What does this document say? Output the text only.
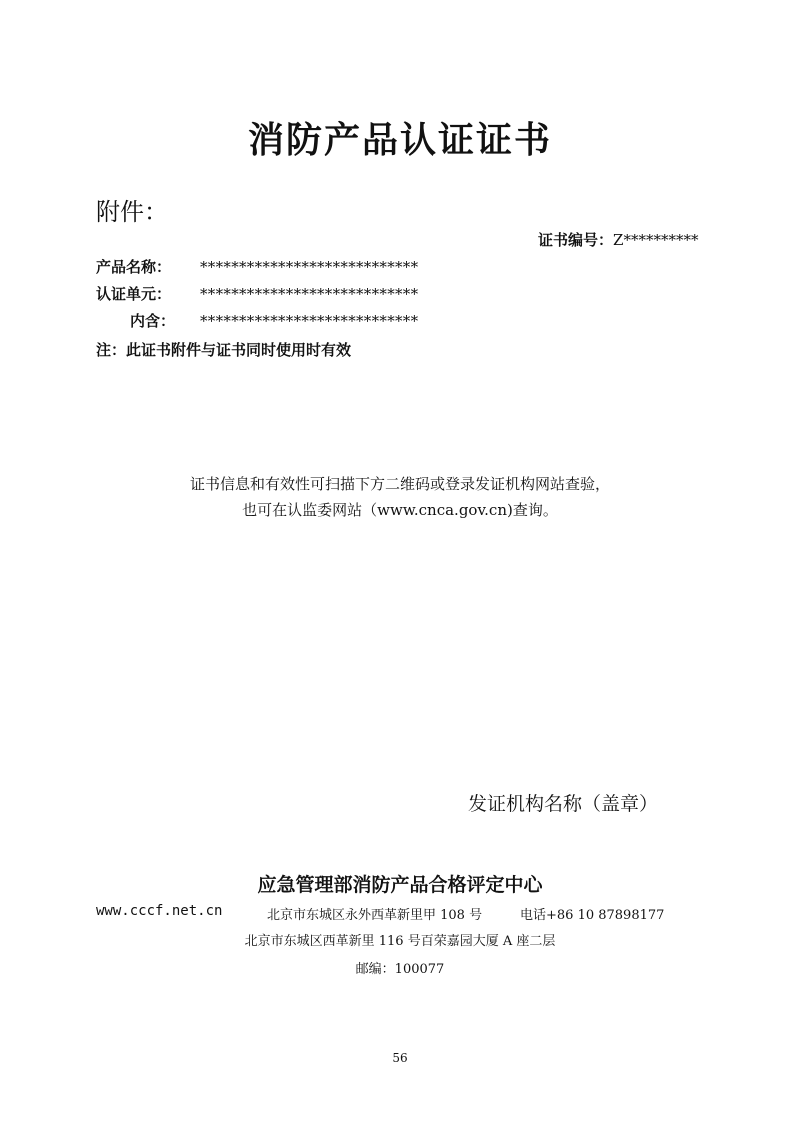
消防产品认证证书
附件：
证书编号：Z**********
产品名称： ****************************
认证单元： ****************************
内含： ****************************
注：此证书附件与证书同时使用时有效
证书信息和有效性可扫描下方二维码或登录发证机构网站查验，
也可在认监委网站（www.cnca.gov.cn)查询。
发证机构名称（盖章）
应急管理部消防产品合格评定中心
www.cccf.net.cn	北京市东城区永外西革新里甲 108 号	电话+86 10 87898177
北京市东城区西革新里 116 号百荣嘉园大厦 A 座二层
邮编：100077
56
